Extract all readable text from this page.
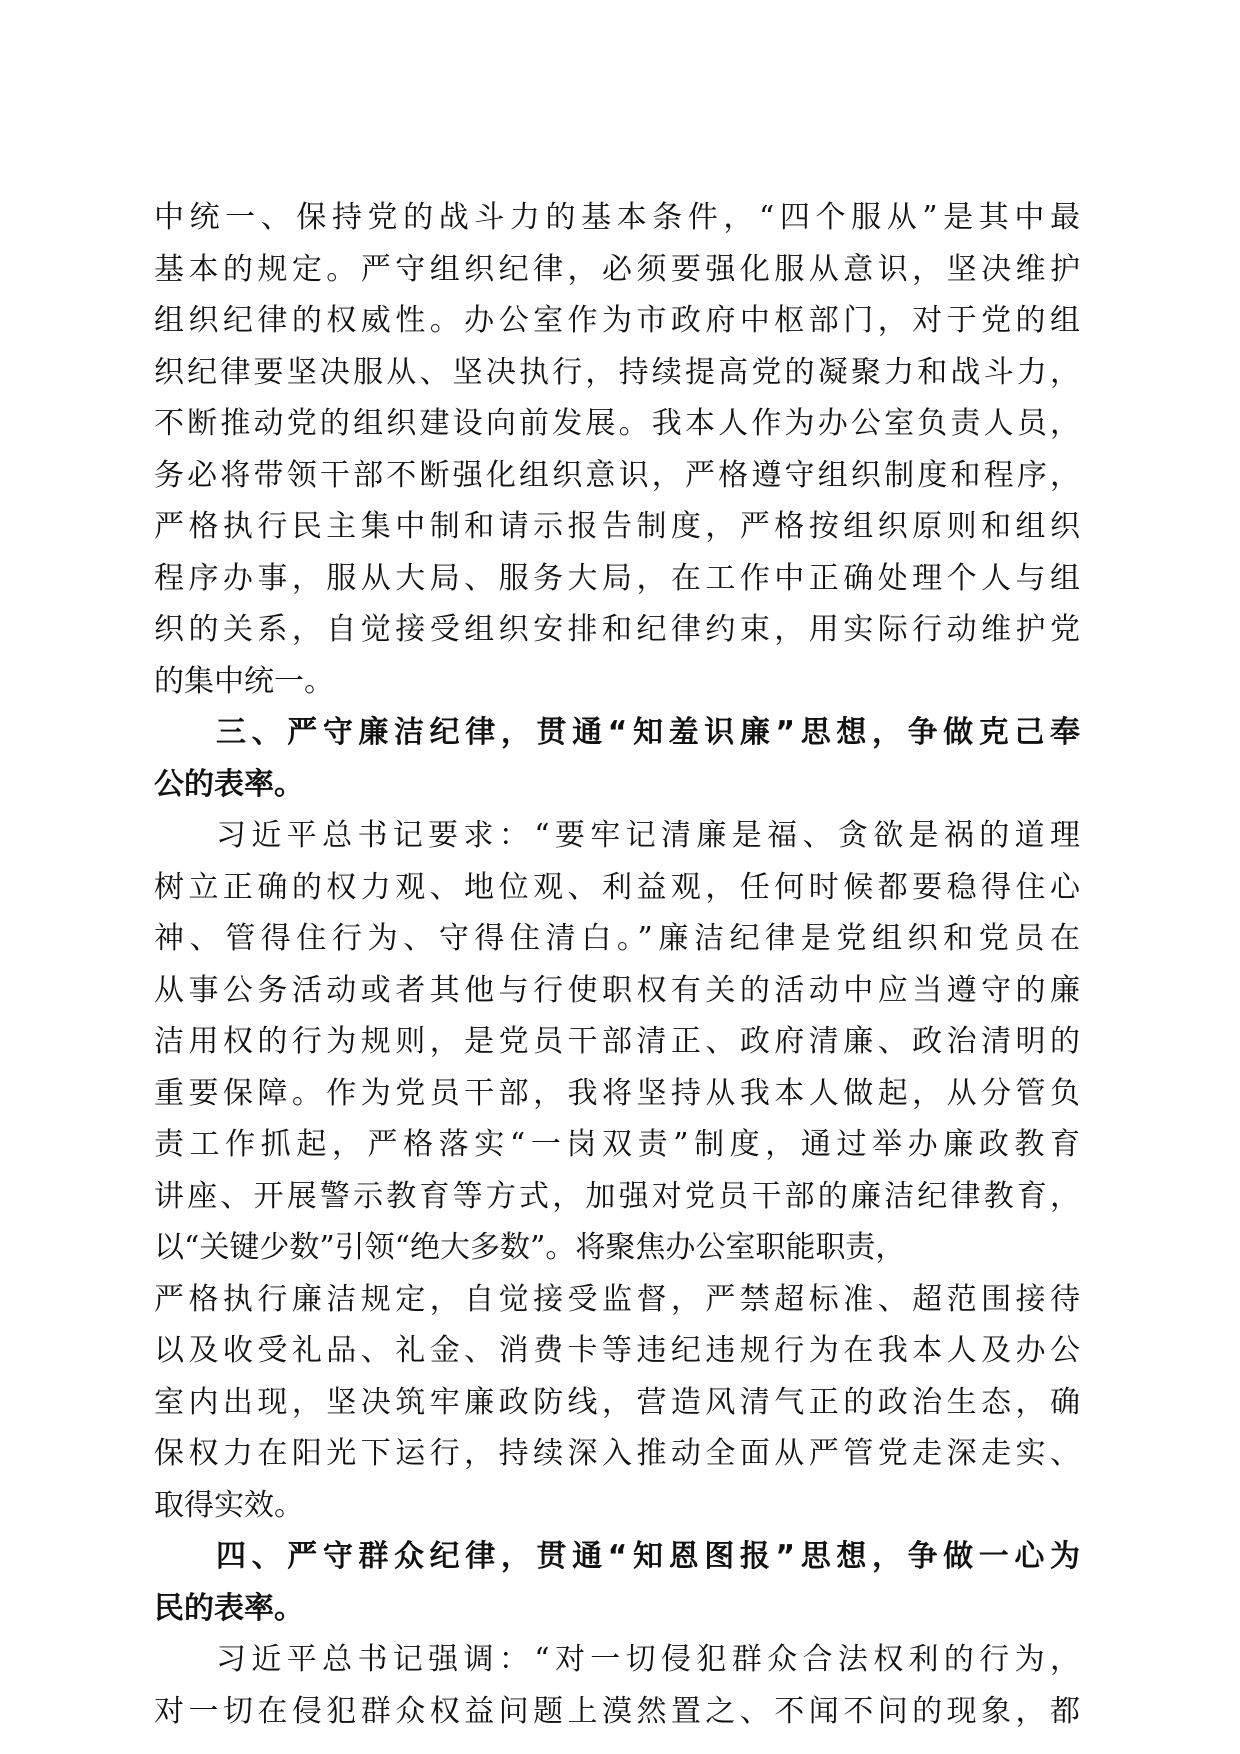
中统一、保持党的战斗力的基本条件，“四个服从”是其中最
基本的规定。严守组织纪律，必须要强化服从意识，坚决维护
组织纪律的权威性。办公室作为市政府中枢部门，对于党的组
织纪律要坚决服从、坚决执行，持续提高党的凝聚力和战斗力，
不断推动党的组织建设向前发展。我本人作为办公室负责人员，
务必将带领干部不断强化组织意识，严格遵守组织制度和程序，
严格执行民主集中制和请示报告制度，严格按组织原则和组织
程序办事，服从大局、服务大局，在工作中正确处理个人与组
织的关系，自觉接受组织安排和纪律约束，用实际行动维护党
的集中统一。
三、严守廉洁纪律，贯通“知羞识廉”思想，争做克己奉
公的表率。
习近平总书记要求：“要牢记清廉是福、贪欲是祸的道理
树立正确的权力观、地位观、利益观，任何时候都要稳得住心
神、管得住行为、守得住清白。”廉洁纪律是党组织和党员在
从事公务活动或者其他与行使职权有关的活动中应当遵守的廉
洁用权的行为规则，是党员干部清正、政府清廉、政治清明的
重要保障。作为党员干部，我将坚持从我本人做起，从分管负
责工作抓起，严格落实“一岗双责”制度，通过举办廉政教育
讲座、开展警示教育等方式，加强对党员干部的廉洁纪律教育，
以“关键少数”引领“绝大多数”。将聚焦办公室职能职责，
严格执行廉洁规定，自觉接受监督，严禁超标准、超范围接待
以及收受礼品、礼金、消费卡等违纪违规行为在我本人及办公
室内出现，坚决筑牢廉政防线，营造风清气正的政治生态，确
保权力在阳光下运行，持续深入推动全面从严管党走深走实、
取得实效。
四、严守群众纪律，贯通“知恩图报”思想，争做一心为
民的表率。
习近平总书记强调：“对一切侵犯群众合法权利的行为，
对一切在侵犯群众权益问题上漠然置之、不闻不问的现象，都
